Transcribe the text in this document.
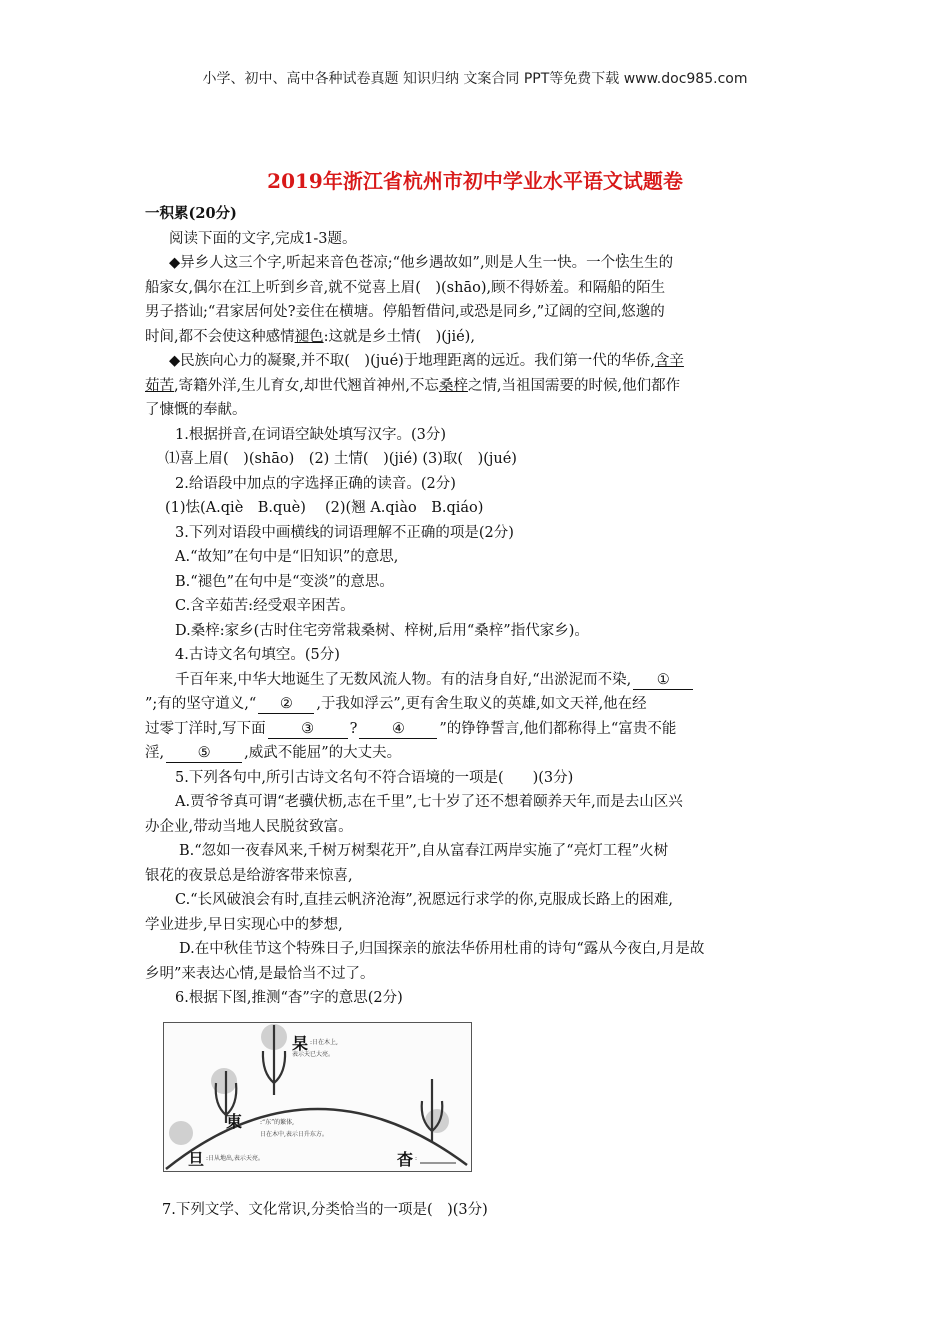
小学、初中、高中各种试卷真题 知识归纳 文案合同 PPT等免费下载 www.doc985.com
2019年浙江省杭州市初中学业水平语文试题卷

一积累(20分)

阅读下面的文字,完成1-3题。

◆异乡人这三个字,听起来音色苍凉;“他乡遇故如”,则是人生一快。一个怯生生的

船家女,偶尔在江上听到乡音,就不觉喜上眉(　)(shāo),顾不得娇羞。和隔船的陌生

男子搭讪;“君家居何处?妾住在横塘。停船暂借问,或恐是同乡,”辽阔的空间,悠邈的

时间,都不会使这种感情褪色:这就是乡土情(　)(jié),

◆民族向心力的凝聚,并不取(　)(jué)于地理距离的远近。我们第一代的华侨,含辛

茹苦,寄籍外洋,生儿育女,却世代翘首神州,不忘桑梓之情,当祖国需要的时候,他们都作

了慷慨的奉献。

1.根据拼音,在词语空缺处填写汉字。(3分)

⑴喜上眉(　)(shāo)　(2) 土情(　)(jié) (3)取(　)(jué)

2.给语段中加点的字选择正确的读音。(2分)

(1)怯(A.qiè　B.què)　 (2)(翘 A.qiào　B.qiáo)

3.下列对语段中画横线的词语理解不正确的项是(2分)

A.“故知”在句中是“旧知识”的意思,

B.“褪色”在句中是“变淡”的意思。

C.含辛茹苦:经受艰辛困苦。

D.桑梓:家乡(古时住宅旁常栽桑树、梓树,后用“桑梓”指代家乡)。

4.古诗文名句填空。(5分)

千百年来,中华大地诞生了无数风流人物。有的洁身自好,“出淤泥而不染, ①

”;有的坚守道义,“ ② ,于我如浮云”,更有舍生取义的英雄,如文天祥,他在经

过零丁洋时,写下面 ③ ? ④ ”的铮铮誓言,他们都称得上“富贵不能

淫, ⑤ ,威武不能屈”的大丈夫。

5.下列各句中,所引古诗文名句不符合语境的一项是(　　)(3分)

A.贾爷爷真可谓“老骥伏枥,志在千里”,七十岁了还不想着颐养天年,而是去山区兴

办企业,带动当地人民脱贫致富。

B.“忽如一夜春风来,千树万树梨花开”,自从富春江两岸实施了“亮灯工程”火树

银花的夜景总是给游客带来惊喜,

C.“长风破浪会有时,直挂云帆济沧海”,祝愿远行求学的你,克服成长路上的困难,

学业进步,早日实现心中的梦想,

D.在中秋佳节这个特殊日子,归国探亲的旅法华侨用杜甫的诗句“露从今夜白,月是故

乡明”来表达心情,是最恰当不过了。

6.根据下图,推测“杳”字的意思(2分)

杲 :日在木上,
表示天已大亮。
東	:“东”的繁体,
日在木中,表示日升东方。
旦 :日从地出,表示天亮。	杳 :
7.下列文学、文化常识,分类恰当的一项是(　)(3分)
